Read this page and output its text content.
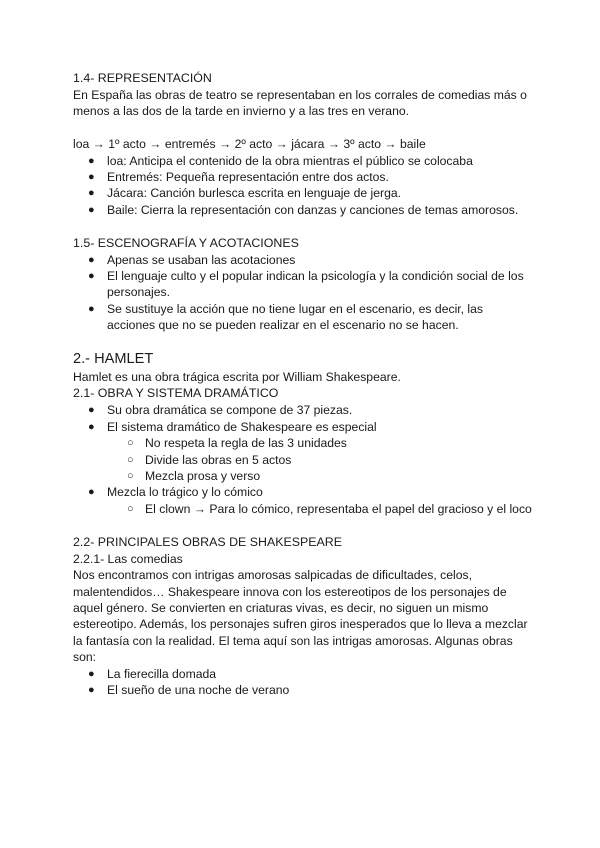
1.4- REPRESENTACIÓN

En España las obras de teatro se representaban en los corrales de comedias más o menos a las dos de la tarde en invierno y a las tres en verano.

loa → 1º acto → entremés → 2º acto → jácara → 3º acto → baile

● loa: Anticipa el contenido de la obra mientras el público se colocaba
● Entremés: Pequeña representación entre dos actos.
● Jácara: Canción burlesca escrita en lenguaje de jerga.
● Baile: Cierra la representación con danzas y canciones de temas amorosos.

1.5- ESCENOGRAFÍA Y ACOTACIONES

● Apenas se usaban las acotaciones
● El lenguaje culto y el popular indican la psicología y la condición social de los personajes.
● Se sustituye la acción que no tiene lugar en el escenario, es decir, las acciones que no se pueden realizar en el escenario no se hacen.

2.- HAMLET

Hamlet es una obra trágica escrita por William Shakespeare.

2.1- OBRA Y SISTEMA DRAMÁTICO

● Su obra dramática se compone de 37 piezas.
● El sistema dramático de Shakespeare es especial
○ No respeta la regla de las 3 unidades
○ Divide las obras en 5 actos
○ Mezcla prosa y verso
● Mezcla lo trágico y lo cómico
○ El clown → Para lo cómico, representaba el papel del gracioso y el loco

2.2- PRINCIPALES OBRAS DE SHAKESPEARE

2.2.1- Las comedias

Nos encontramos con intrigas amorosas salpicadas de dificultades, celos, malentendidos… Shakespeare innova con los estereotipos de los personajes de aquel género. Se convierten en criaturas vivas, es decir, no siguen un mismo estereotipo. Además, los personajes sufren giros inesperados que lo lleva a mezclar la fantasía con la realidad. El tema aquí son las intrigas amorosas. Algunas obras son:

● La fierecilla domada
● El sueño de una noche de verano
